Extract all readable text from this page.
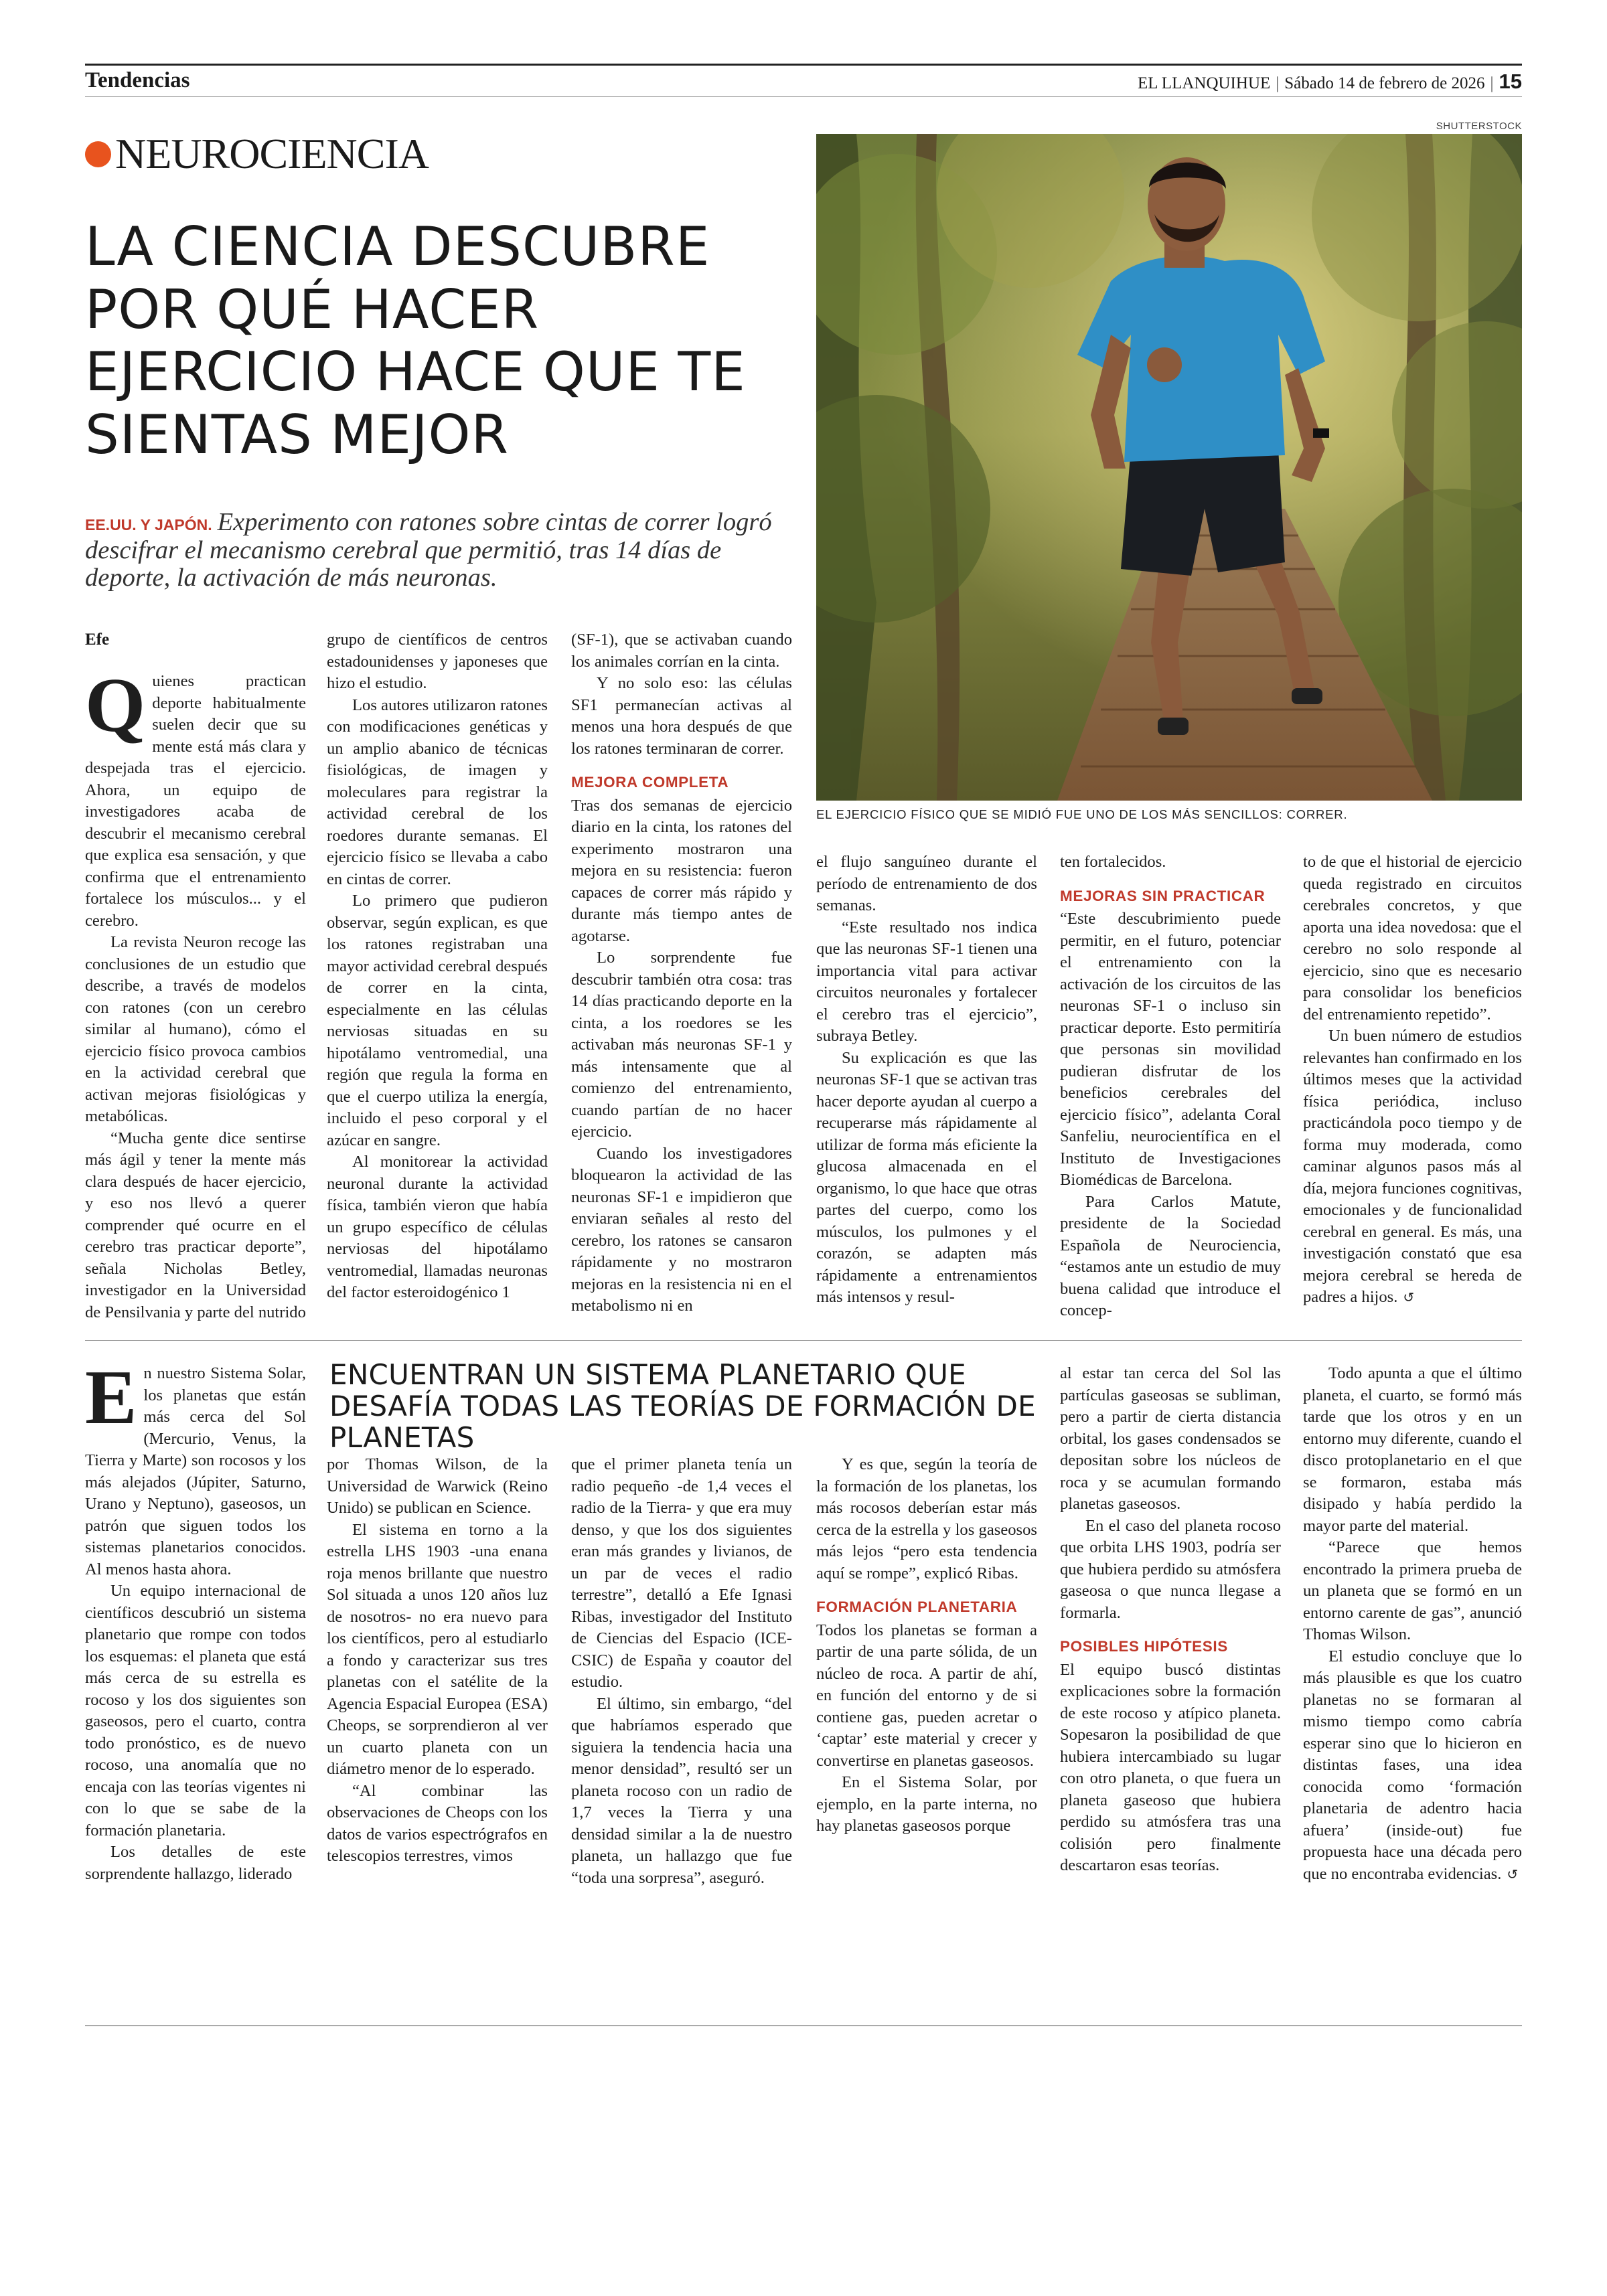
Tendencias	EL LLANQUIHUE | Sábado 14 de febrero de 2026 | 15
NEUROCIENCIA
LA CIENCIA DESCUBRE POR QUÉ HACER EJERCICIO HACE QUE TE SIENTAS MEJOR
EE.UU. Y JAPÓN. Experimento con ratones sobre cintas de correr logró descifrar el mecanismo cerebral que permitió, tras 14 días de deporte, la activación de más neuronas.
SHUTTERSTOCK
EL EJERCICIO FÍSICO QUE SE MIDIÓ FUE UNO DE LOS MÁS SENCILLOS: CORRER.
Efe
Q uienes practican deporte habitualmente suelen decir que su mente está más clara y despejada tras el ejercicio. Ahora, un equipo de investigadores acaba de descubrir el mecanismo cerebral que explica esa sensación, y que confirma que el entrenamiento fortalece los músculos... y el cerebro.

La revista Neuron recoge las conclusiones de un estudio que describe, a través de modelos con ratones (con un cerebro similar al humano), cómo el ejercicio físico provoca cambios en la actividad cerebral que activan mejoras fisiológicas y metabólicas.

“Mucha gente dice sentirse más ágil y tener la mente más clara después de hacer ejercicio, y eso nos llevó a querer comprender qué ocurre en el cerebro tras practicar deporte”, señala Nicholas Betley, investigador en la Universidad de Pensilvania y parte del nutrido

grupo de científicos de centros estadounidenses y japoneses que hizo el estudio.

Los autores utilizaron ratones con modificaciones genéticas y un amplio abanico de técnicas fisiológicas, de imagen y moleculares para registrar la actividad cerebral de los roedores durante semanas. El ejercicio físico se llevaba a cabo en cintas de correr.

Lo primero que pudieron observar, según explican, es que los ratones registraban una mayor actividad cerebral después de correr en la cinta, especialmente en las células nerviosas situadas en su hipotálamo ventromedial, una región que regula la forma en que el cuerpo utiliza la energía, incluido el peso corporal y el azúcar en sangre.

Al monitorear la actividad neuronal durante la actividad física, también vieron que había un grupo específico de células nerviosas del hipotálamo ventromedial, llamadas neuronas del factor esteroidogénico 1

(SF-1), que se activaban cuando los animales corrían en la cinta.

Y no solo eso: las células SF1 permanecían activas al menos una hora después de que los ratones terminaran de correr.

MEJORA COMPLETA

Tras dos semanas de ejercicio diario en la cinta, los ratones del experimento mostraron una mejora en su resistencia: fueron capaces de correr más rápido y durante más tiempo antes de agotarse.

Lo sorprendente fue descubrir también otra cosa: tras 14 días practicando deporte en la cinta, a los roedores se les activaban más neuronas SF-1 y más intensamente que al comienzo del entrenamiento, cuando partían de no hacer ejercicio.

Cuando los investigadores bloquearon la actividad de las neuronas SF-1 e impidieron que enviaran señales al resto del cerebro, los ratones se cansaron rápidamente y no mostraron mejoras en la resistencia ni en el metabolismo ni en

el flujo sanguíneo durante el período de entrenamiento de dos semanas.

“Este resultado nos indica que las neuronas SF-1 tienen una importancia vital para activar circuitos neuronales y fortalecer el cerebro tras el ejercicio”, subraya Betley.

Su explicación es que las neuronas SF-1 que se activan tras hacer deporte ayudan al cuerpo a recuperarse más rápidamente al utilizar de forma más eficiente la glucosa almacenada en el organismo, lo que hace que otras partes del cuerpo, como los músculos, los pulmones y el corazón, se adapten más rápidamente a entrenamientos más intensos y resul-

ten fortalecidos.

MEJORAS SIN PRACTICAR

“Este descubrimiento puede permitir, en el futuro, potenciar el entrenamiento con la activación de los circuitos de las neuronas SF-1 o incluso sin practicar deporte. Esto permitiría que personas sin movilidad pudieran disfrutar de los beneficios cerebrales del ejercicio físico”, adelanta Coral Sanfeliu, neurocientífica en el Instituto de Investigaciones Biomédicas de Barcelona.

Para Carlos Matute, presidente de la Sociedad Española de Neurociencia, “estamos ante un estudio de muy buena calidad que introduce el concep-

to de que el historial de ejercicio queda registrado en circuitos cerebrales concretos, y que aporta una idea novedosa: que el cerebro no solo responde al ejercicio, sino que es necesario para consolidar los beneficios del entrenamiento repetido”.

Un buen número de estudios relevantes han confirmado en los últimos meses que la actividad física periódica, incluso practicándola poco tiempo y de forma muy moderada, como caminar algunos pasos más al día, mejora funciones cognitivas, emocionales y de funcionalidad cerebral en general. Es más, una investigación constató que esa mejora cerebral se hereda de padres a hijos. ↺

ENCUENTRAN UN SISTEMA PLANETARIO QUE DESAFÍA TODAS LAS TEORÍAS DE FORMACIÓN DE PLANETAS
E n nuestro Sistema Solar, los planetas que están más cerca del Sol (Mercurio, Venus, la Tierra y Marte) son rocosos y los más alejados (Júpiter, Saturno, Urano y Neptuno), gaseosos, un patrón que siguen todos los sistemas planetarios conocidos. Al menos hasta ahora.

Un equipo internacional de científicos descubrió un sistema planetario que rompe con todos los esquemas: el planeta que está más cerca de su estrella es rocoso y los dos siguientes son gaseosos, pero el cuarto, contra todo pronóstico, es de nuevo rocoso, una anomalía que no encaja con las teorías vigentes ni con lo que se sabe de la formación planetaria.

Los detalles de este sorprendente hallazgo, liderado

por Thomas Wilson, de la Universidad de Warwick (Reino Unido) se publican en Science.

El sistema en torno a la estrella LHS 1903 -una enana roja menos brillante que nuestro Sol situada a unos 120 años luz de nosotros- no era nuevo para los científicos, pero al estudiarlo a fondo y caracterizar sus tres planetas con el satélite de la Agencia Espacial Europea (ESA) Cheops, se sorprendieron al ver un cuarto planeta con un diámetro menor de lo esperado.

“Al combinar las observaciones de Cheops con los datos de varios espectrógrafos en telescopios terrestres, vimos

que el primer planeta tenía un radio pequeño -de 1,4 veces el radio de la Tierra- y que era muy denso, y que los dos siguientes eran más grandes y livianos, de un par de veces el radio terrestre”, detalló a Efe Ignasi Ribas, investigador del Instituto de Ciencias del Espacio (ICE-CSIC) de España y coautor del estudio.

El último, sin embargo, “del que habríamos esperado que siguiera la tendencia hacia una menor densidad”, resultó ser un planeta rocoso con un radio de 1,7 veces la Tierra y una densidad similar a la de nuestro planeta, un hallazgo que fue “toda una sorpresa”, aseguró.

Y es que, según la teoría de la formación de los planetas, los más rocosos deberían estar más cerca de la estrella y los gaseosos más lejos “pero esta tendencia aquí se rompe”, explicó Ribas.

FORMACIÓN PLANETARIA

Todos los planetas se forman a partir de una parte sólida, de un núcleo de roca. A partir de ahí, en función del entorno y de si contiene gas, pueden acretar o ‘captar’ este material y crecer y convertirse en planetas gaseosos.

En el Sistema Solar, por ejemplo, en la parte interna, no hay planetas gaseosos porque

al estar tan cerca del Sol las partículas gaseosas se subliman, pero a partir de cierta distancia orbital, los gases condensados se depositan sobre los núcleos de roca y se acumulan formando planetas gaseosos.

En el caso del planeta rocoso que orbita LHS 1903, podría ser que hubiera perdido su atmósfera gaseosa o que nunca llegase a formarla.

POSIBLES HIPÓTESIS

El equipo buscó distintas explicaciones sobre la formación de este rocoso y atípico planeta. Sopesaron la posibilidad de que hubiera intercambiado su lugar con otro planeta, o que fuera un planeta gaseoso que hubiera perdido su atmósfera tras una colisión pero finalmente descartaron esas teorías.

Todo apunta a que el último planeta, el cuarto, se formó más tarde que los otros y en un entorno muy diferente, cuando el disco protoplanetario en el que se formaron, estaba más disipado y había perdido la mayor parte del material.

“Parece que hemos encontrado la primera prueba de un planeta que se formó en un entorno carente de gas”, anunció Thomas Wilson.

El estudio concluye que lo más plausible es que los cuatro planetas no se formaran al mismo tiempo como cabría esperar sino que lo hicieron en distintas fases, una idea conocida como ‘formación planetaria de adentro hacia afuera’ (inside-out) fue propuesta hace una década pero que no encontraba evidencias. ↺
